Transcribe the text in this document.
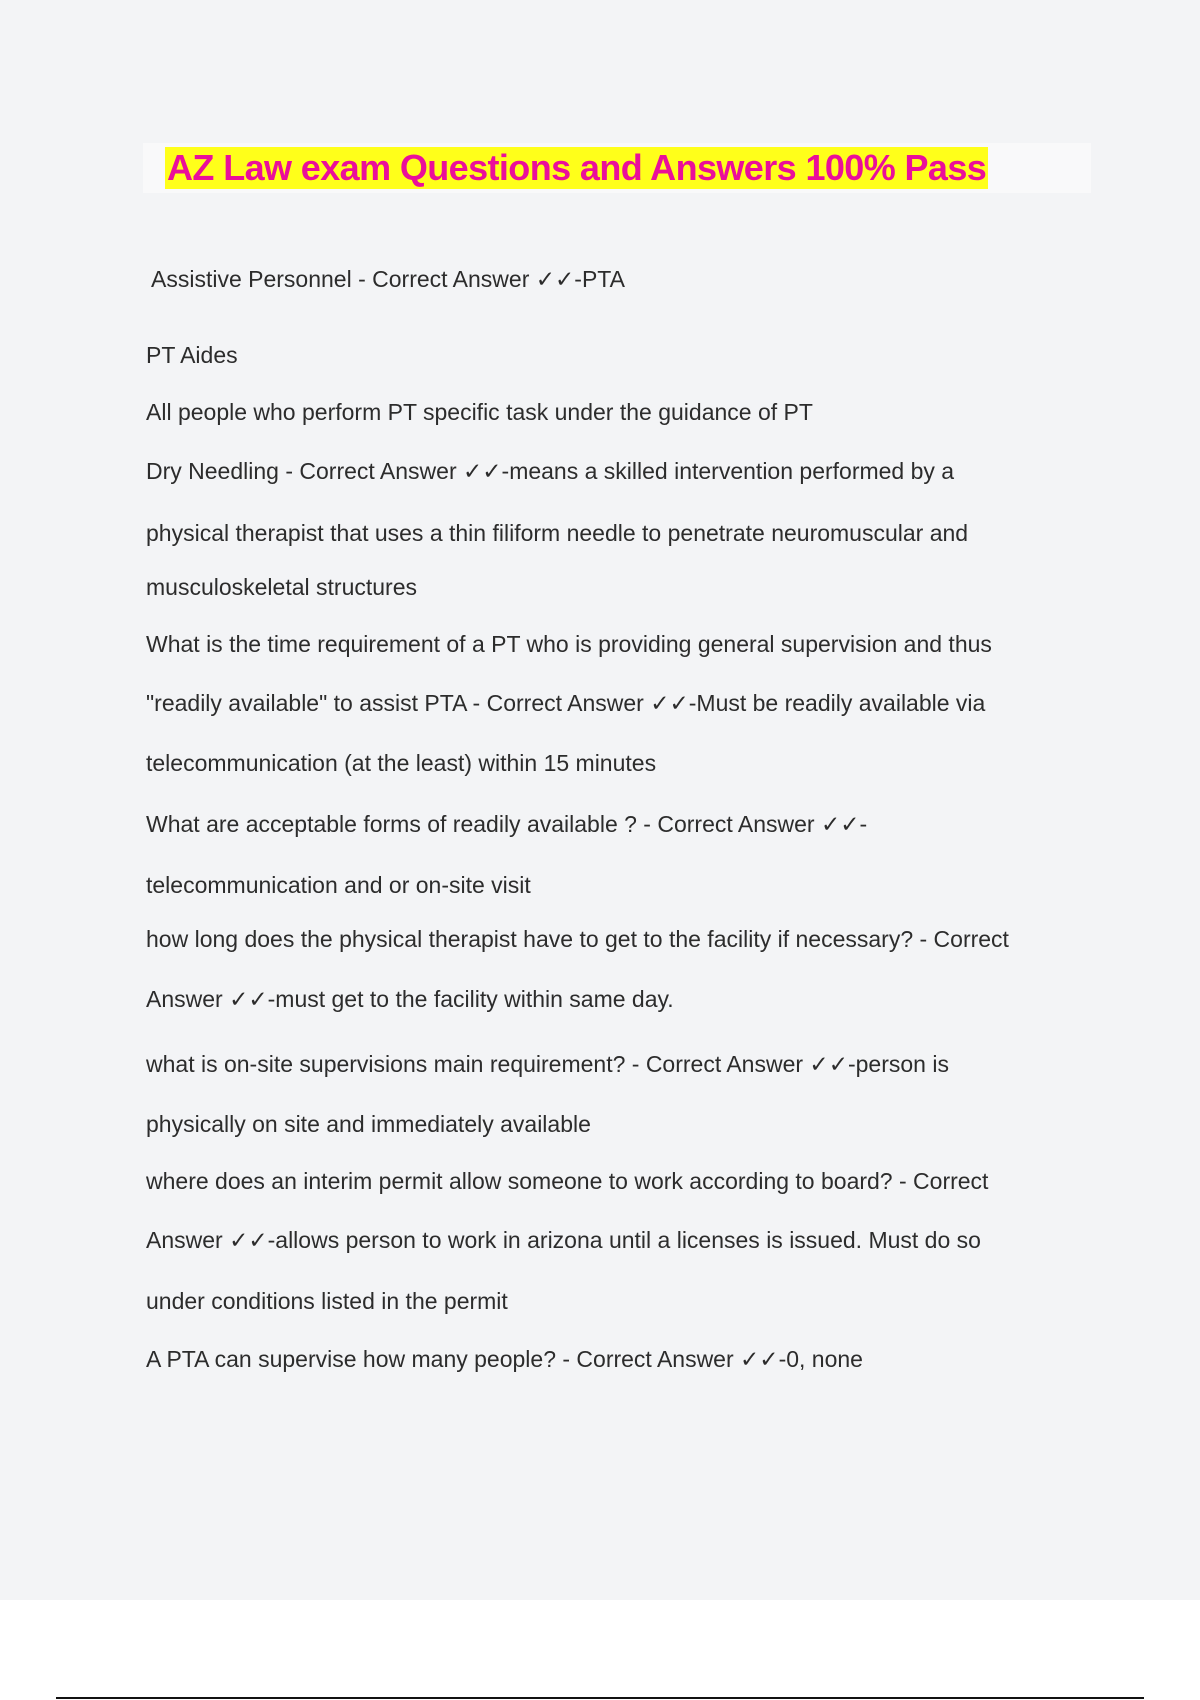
AZ Law exam Questions and Answers 100% Pass

Assistive Personnel - Correct Answer ✓✓-PTA

PT Aides

All people who perform PT specific task under the guidance of PT

Dry Needling - Correct Answer ✓✓-means a skilled intervention performed by a

physical therapist that uses a thin filiform needle to penetrate neuromuscular and

musculoskeletal structures

What is the time requirement of a PT who is providing general supervision and thus

"readily available" to assist PTA - Correct Answer ✓✓-Must be readily available via

telecommunication (at the least) within 15 minutes

What are acceptable forms of readily available ? - Correct Answer ✓✓-

telecommunication and or on-site visit

how long does the physical therapist have to get to the facility if necessary? - Correct

Answer ✓✓-must get to the facility within same day.

what is on-site supervisions main requirement? - Correct Answer ✓✓-person is

physically on site and immediately available

where does an interim permit allow someone to work according to board? - Correct

Answer ✓✓-allows person to work in arizona until a licenses is issued. Must do so

under conditions listed in the permit

A PTA can supervise how many people? - Correct Answer ✓✓-0, none
